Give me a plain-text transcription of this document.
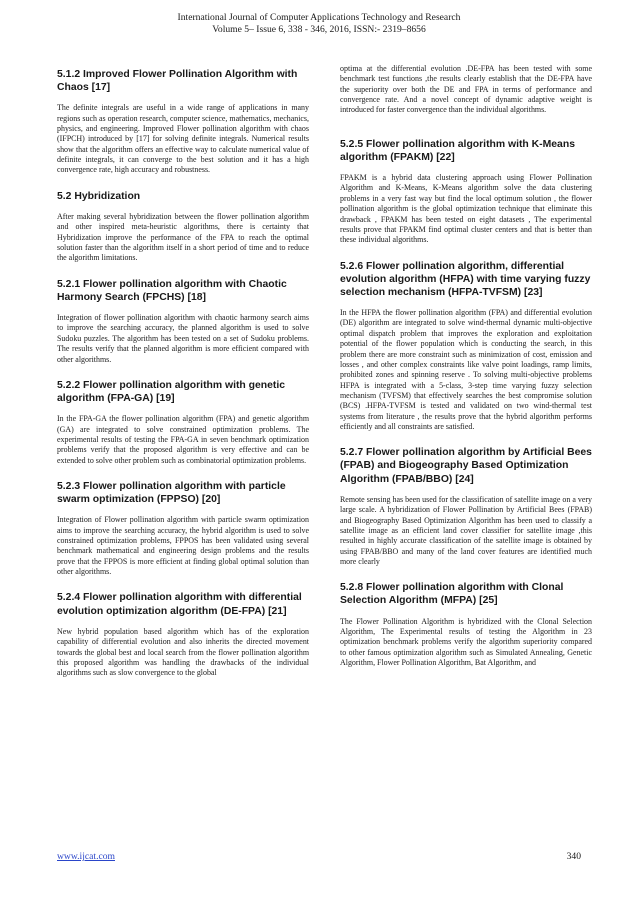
International Journal of Computer Applications Technology and Research
Volume 5– Issue 6, 338 - 346, 2016, ISSN:- 2319–8656
5.1.2 Improved Flower Pollination Algorithm with Chaos [17]

The definite integrals are useful in a wide range of applications in many regions such as operation research, computer science, mathematics, mechanics, physics, and engineering. Improved Flower pollination algorithm with chaos (IFPCH) introduced by [17] for solving definite integrals. Numerical results show that the algorithm offers an effective way to calculate numerical value of definite integrals, it can converge to the best solution and it has a high convergence rate, high accuracy and robustness.

5.2 Hybridization

After making several hybridization between the flower pollination algorithm and other inspired meta-heuristic algorithms, there is certainty that Hybridization improve the performance of the FPA to reach the optimal solution faster than the algorithm itself in a short period of time and to reduce the algorithm limitations.

5.2.1 Flower pollination algorithm with Chaotic Harmony Search (FPCHS) [18]

Integration of flower pollination algorithm with chaotic harmony search aims to improve the searching accuracy, the planned algorithm is used to solve Sudoku puzzles. The algorithm has been tested on a set of Sudoku problems. The results verify that the planned algorithm is more efficient compared with other algorithms.

5.2.2 Flower pollination algorithm with genetic algorithm (FPA-GA) [19]

In the FPA-GA the flower pollination algorithm (FPA) and genetic algorithm (GA) are integrated to solve constrained optimization problems. The experimental results of testing the FPA-GA in seven benchmark optimization problems verify that the proposed algorithm is very effective and can be extended to solve other problem such as combinatorial optimization problems.

5.2.3 Flower pollination algorithm with particle swarm optimization (FPPSO) [20]

Integration of Flower pollination algorithm with particle swarm optimization aims to improve the searching accuracy, the hybrid algorithm is used to solve constrained optimization problems, FPPOS has been validated using several benchmark mathematical and engineering design problems and the results prove that the FPPOS is more efficient at finding global optimal solution than other algorithms.

5.2.4 Flower pollination algorithm with differential evolution optimization algorithm (DE-FPA) [21]

New hybrid population based algorithm which has of the exploration capability of differential evolution and also inherits the directed movement towards the global best and local search from the flower pollination algorithm this proposed algorithm was handling the drawbacks of the individual algorithms such as slow convergence to the global

optima at the differential evolution .DE-FPA has been tested with some benchmark test functions ,the results clearly establish that the DE-FPA have the superiority over both the DE and FPA in terms of performance and convergence rate. And a novel concept of dynamic adaptive weight is introduced for faster convergence than the individual algorithms.

5.2.5 Flower pollination algorithm with K-Means algorithm (FPAKM) [22]

FPAKM is a hybrid data clustering approach using Flower Pollination Algorithm and K-Means, K-Means algorithm solve the data clustering problems in a very fast way but find the local optimum solution , the flower pollination algorithm is the global optimization technique that eliminate this drawback , FPAKM has been tested on eight datasets , The experimental results prove that FPAKM find optimal cluster centers and that is better than these individual algorithms.

5.2.6 Flower pollination algorithm, differential evolution algorithm (HFPA) with time varying fuzzy selection mechanism (HFPA-TVFSM) [23]

In the HFPA the flower pollination algorithm (FPA) and differential evolution (DE) algorithm are integrated to solve wind-thermal dynamic multi-objective optimal dispatch problem that improves the exploration and exploitation potential of the flower population which is conducting the search, in this problem there are more constraint such as minimization of cost, emission and losses , and other complex constraints like valve point loadings, ramp limits, prohibited zones and spinning reserve . To solving multi-objective problems HFPA is integrated with a 5-class, 3-step time varying fuzzy selection mechanism (TVFSM) that effectively searches the best compromise solution (BCS) .HFPA-TVFSM is tested and validated on two wind-thermal test systems from literature , the results prove that the hybrid algorithm performs efficiently and all constraints are satisfied.

5.2.7 Flower pollination algorithm by Artificial Bees (FPAB) and Biogeography Based Optimization Algorithm (FPAB/BBO) [24]

Remote sensing has been used for the classification of satellite image on a very large scale. A hybridization of Flower Pollination by Artificial Bees (FPAB) and Biogeography Based Optimization Algorithm has been used to classify a satellite image as an efficient land cover classifier for satellite image ,this resulted in highly accurate classification of the satellite image is obtained by using FPAB/BBO and many of the land cover features are identified much more clearly

5.2.8 Flower pollination algorithm with Clonal Selection Algorithm (MFPA) [25]

The Flower Pollination Algorithm is hybridized with the Clonal Selection Algorithm, The Experimental results of testing the Algorithm in 23 optimization benchmark problems verify the algorithm superiority compared to other famous optimization algorithm such as Simulated Annealing, Genetic Algorithm, Flower Pollination Algorithm, Bat Algorithm, and

www.ijcat.com	340
